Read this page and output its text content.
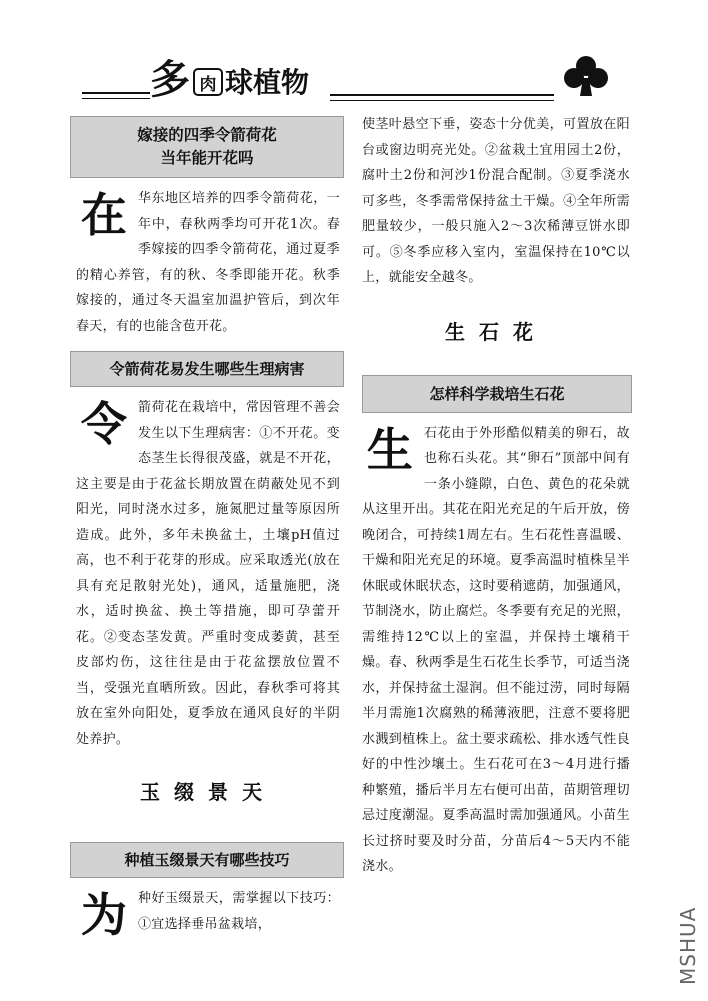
多 肉 球植物
嫁接的四季令箭荷花
当年能开花吗

在 华东地区培养的四季令箭荷花，一年中，春秋两季均可开花1次。春季嫁接的四季令箭荷花，通过夏季的精心养管，有的秋、冬季即能开花。秋季嫁接的，通过冬天温室加温护管后，到次年春天，有的也能含苞开花。

令箭荷花易发生哪些生理病害

令 箭荷花在栽培中，常因管理不善会发生以下生理病害：①不开花。变态茎生长得很茂盛，就是不开花，这主要是由于花盆长期放置在荫蔽处见不到阳光，同时浇水过多，施氮肥过量等原因所造成。此外，多年未换盆土，土壤pH值过高，也不利于花芽的形成。应采取透光(放在具有充足散射光处)，通风，适量施肥，浇水，适时换盆、换土等措施，即可孕蕾开花。②变态茎发黄。严重时变成萎黄，甚至皮部灼伤，这往往是由于花盆摆放位置不当，受强光直晒所致。因此，春秋季可将其放在室外向阳处，夏季放在通风良好的半阴处养护。

玉缀景天
种植玉缀景天有哪些技巧

为 种好玉缀景天，需掌握以下技巧：①宜选择垂吊盆栽培，

使茎叶悬空下垂，姿态十分优美，可置放在阳台或窗边明亮光处。②盆栽土宜用园土2份，腐叶土2份和河沙1份混合配制。③夏季浇水可多些，冬季需常保持盆土干燥。④全年所需肥量较少，一般只施入2～3次稀薄豆饼水即可。⑤冬季应移入室内，室温保持在10℃以上，就能安全越冬。

生石花
怎样科学栽培生石花

生 石花由于外形酷似精美的卵石，故也称石头花。其“卵石”顶部中间有一条小缝隙，白色、黄色的花朵就从这里开出。其花在阳光充足的午后开放，傍晚闭合，可持续1周左右。生石花性喜温暖、干燥和阳光充足的环境。夏季高温时植株呈半休眠或休眠状态，这时要稍遮荫，加强通风，节制浇水，防止腐烂。冬季要有充足的光照，需维持12℃以上的室温，并保持土壤稍干燥。春、秋两季是生石花生长季节，可适当浇水，并保持盆土湿润。但不能过涝，同时每隔半月需施1次腐熟的稀薄液肥，注意不要将肥水溅到植株上。盆土要求疏松、排水透气性良好的中性沙壤土。生石花可在3～4月进行播种繁殖，播后半月左右便可出苗，苗期管理切忌过度潮湿。夏季高温时需加强通风。小苗生长过挤时要及时分苗，分苗后4～5天内不能浇水。

MSHUA
